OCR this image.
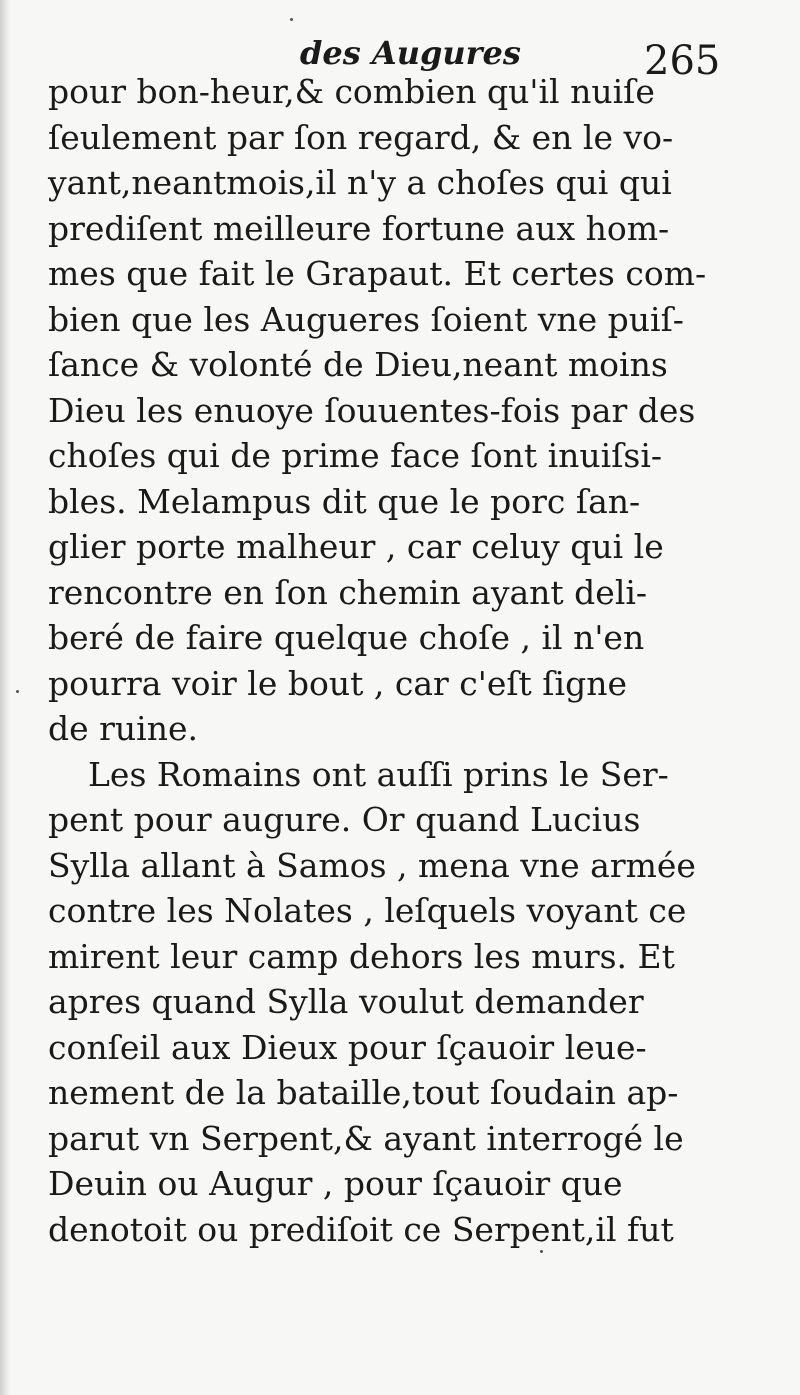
des Augures	265
pour bon-heur,& combien qu'il nuiſe
ſeulement par ſon regard, & en le vo-
yant,neantmois,il n'y a choſes qui qui
prediſent meilleure fortune aux hom-
mes que fait le Grapaut. Et certes com-
bien que les Augueres ſoient vne puiſ-
ſance & volonté de Dieu,neant moins
Dieu les enuoye ſouuentes-fois par des
choſes qui de prime face ſont inuiſsi-
bles. Melampus dit que le porc ſan-
glier porte malheur , car celuy qui le
rencontre en ſon chemin ayant deli-
beré de faire quelque choſe , il n'en
pourra voir le bout , car c'eſt ſigne
de ruine.
Les Romains ont auſſi prins le Ser-
pent pour augure. Or quand Lucius
Sylla allant à Samos , mena vne armée
contre les Nolates , leſquels voyant ce
mirent leur camp dehors les murs. Et
apres quand Sylla voulut demander
conſeil aux Dieux pour ſçauoir leue-
nement de la bataille,tout ſoudain ap-
parut vn Serpent,& ayant interrogé le
Deuin ou Augur , pour ſçauoir que
denotoit ou prediſoit ce Serpent,il fut
